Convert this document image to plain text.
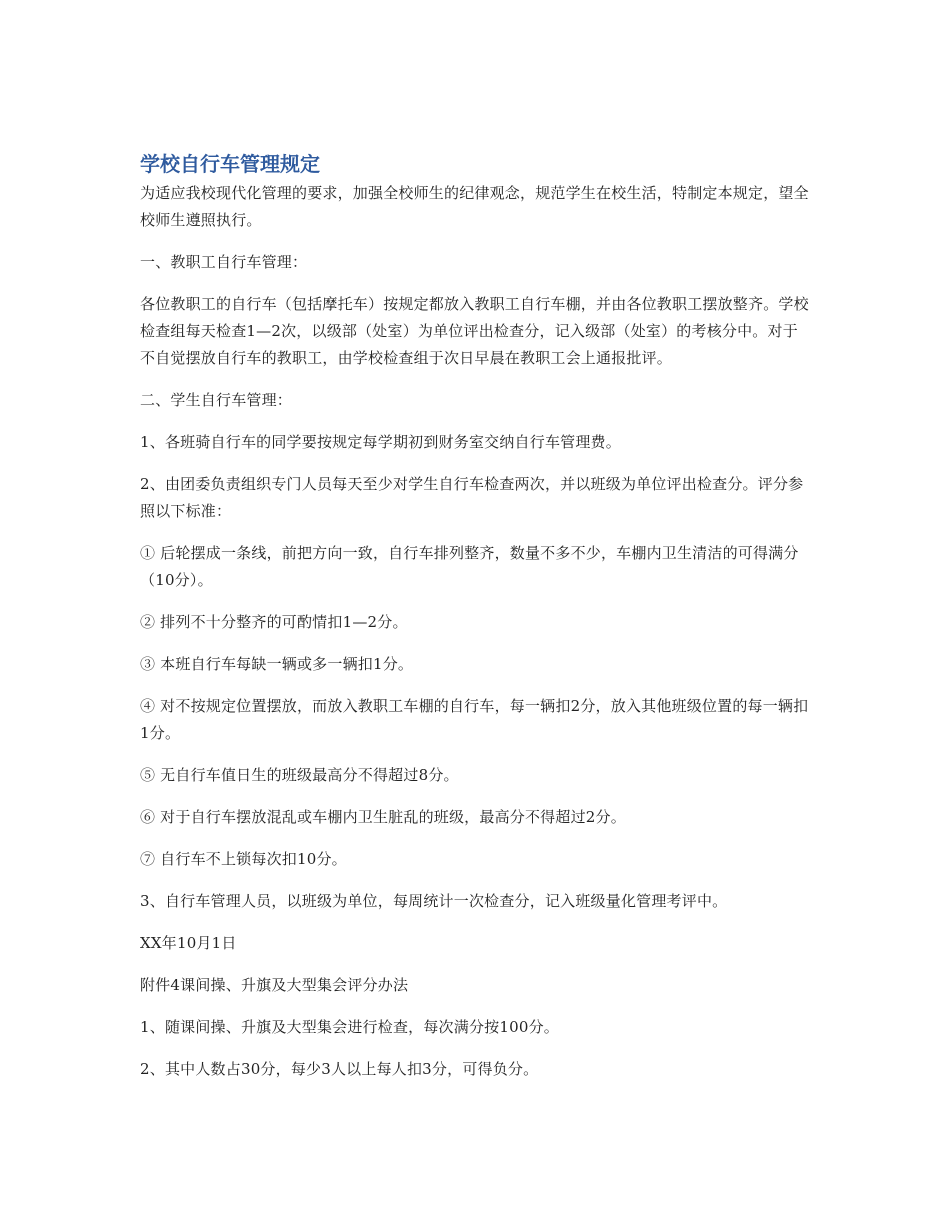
学校自行车管理规定

为适应我校现代化管理的要求，加强全校师生的纪律观念，规范学生在校生活，特制定本规定，望全校师生遵照执行。

一、教职工自行车管理：

各位教职工的自行车（包括摩托车）按规定都放入教职工自行车棚，并由各位教职工摆放整齐。学校检查组每天检查1—2次，以级部（处室）为单位评出检查分，记入级部（处室）的考核分中。对于不自觉摆放自行车的教职工，由学校检查组于次日早晨在教职工会上通报批评。

二、学生自行车管理：

1、各班骑自行车的同学要按规定每学期初到财务室交纳自行车管理费。

2、由团委负责组织专门人员每天至少对学生自行车检查两次，并以班级为单位评出检查分。评分参照以下标准：

① 后轮摆成一条线，前把方向一致，自行车排列整齐，数量不多不少，车棚内卫生清洁的可得满分（10分）。

② 排列不十分整齐的可酌情扣1—2分。

③ 本班自行车每缺一辆或多一辆扣1分。

④ 对不按规定位置摆放，而放入教职工车棚的自行车，每一辆扣2分，放入其他班级位置的每一辆扣1分。

⑤ 无自行车值日生的班级最高分不得超过8分。

⑥ 对于自行车摆放混乱或车棚内卫生脏乱的班级，最高分不得超过2分。

⑦ 自行车不上锁每次扣10分。

3、自行车管理人员，以班级为单位，每周统计一次检查分，记入班级量化管理考评中。

XX年10月1日

附件4课间操、升旗及大型集会评分办法

1、随课间操、升旗及大型集会进行检查，每次满分按100分。

2、其中人数占30分，每少3人以上每人扣3分，可得负分。
